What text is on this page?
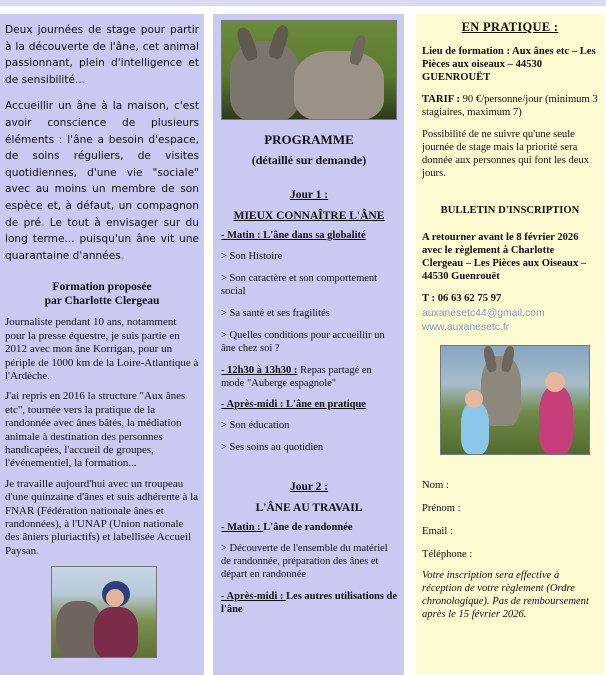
Deux journées de stage pour partir à la découverte de l'âne, cet animal passionnant, plein d'intelligence et de sensibilité...

Accueillir un âne à la maison, c'est avoir conscience de plusieurs éléments : l'âne a besoin d'espace, de soins réguliers, de visites quotidiennes, d'une vie "sociale" avec au moins un membre de son espèce et, à défaut, un compagnon de pré. Le tout à envisager sur du long terme... puisqu'un âne vit une quarantaine d'années.

Formation proposée
par Charlotte Clergeau

Journaliste pendant 10 ans, notamment pour la presse équestre, je suis partie en 2012 avec mon âne Korrigan, pour un périple de 1000 km de la Loire-Atlantique à l'Ardèche.

J'ai repris en 2016 la structure "Aux ânes etc", tournée vers la pratique de la randonnée avec ânes bâtés, la médiation animale à destination des personnes handicapées, l'accueil de groupes, l'événementiel, la formation...

Je travaille aujourd'hui avec un troupeau d'une quinzaine d'ânes et suis adhérente à la FNAR (Fédération nationale ânes et randonnées), à l'UNAP (Union nationale des âniers pluriactifs) et labellisée Accueil Paysan.

PROGRAMME
(détaillé sur demande)
Jour 1 :
MIEUX CONNAÎTRE L'ÂNE
- Matin : L'âne dans sa globalité
> Son Histoire
> Son caractère et son comportement social
> Sa santé et ses fragilités
> Quelles conditions pour accueillir un âne chez soi ?
- 12h30 à 13h30 : Repas partagé en mode "Auberge espagnole"
- Après-midi : L'âne en pratique
> Son éducation
> Ses soins au quotidien
Jour 2 :
L'ÂNE AU TRAVAIL
- Matin : L'âne de randonnée
> Découverte de l'ensemble du matériel de randonnée, préparation des ânes et départ en randonnée
- Après-midi : Les autres utilisations de l'âne
EN PRATIQUE :

Lieu de formation : Aux ânes etc – Les Pièces aux oiseaux – 44530 GUENROUËT

TARIF : 90 €/personne/jour (minimum 3 stagiaires, maximum 7)

Possibilité de ne suivre qu'une seule journée de stage mais la priorité sera donnée aux personnes qui font les deux jours.

BULLETIN D'INSCRIPTION

A retourner avant le 8 février 2026 avec le règlement à Charlotte Clergeau – Les Pièces aux Oiseaux – 44530 Guenrouët

T : 06 63 62 75 97

auxanesetc44@gmail.com
www.auxanesetc.fr
Nom :
Prénom :
Email :
Téléphone :

Votre inscription sera effective à réception de votre règlement (Ordre chronologique). Pas de remboursement après le 15 février 2026.
